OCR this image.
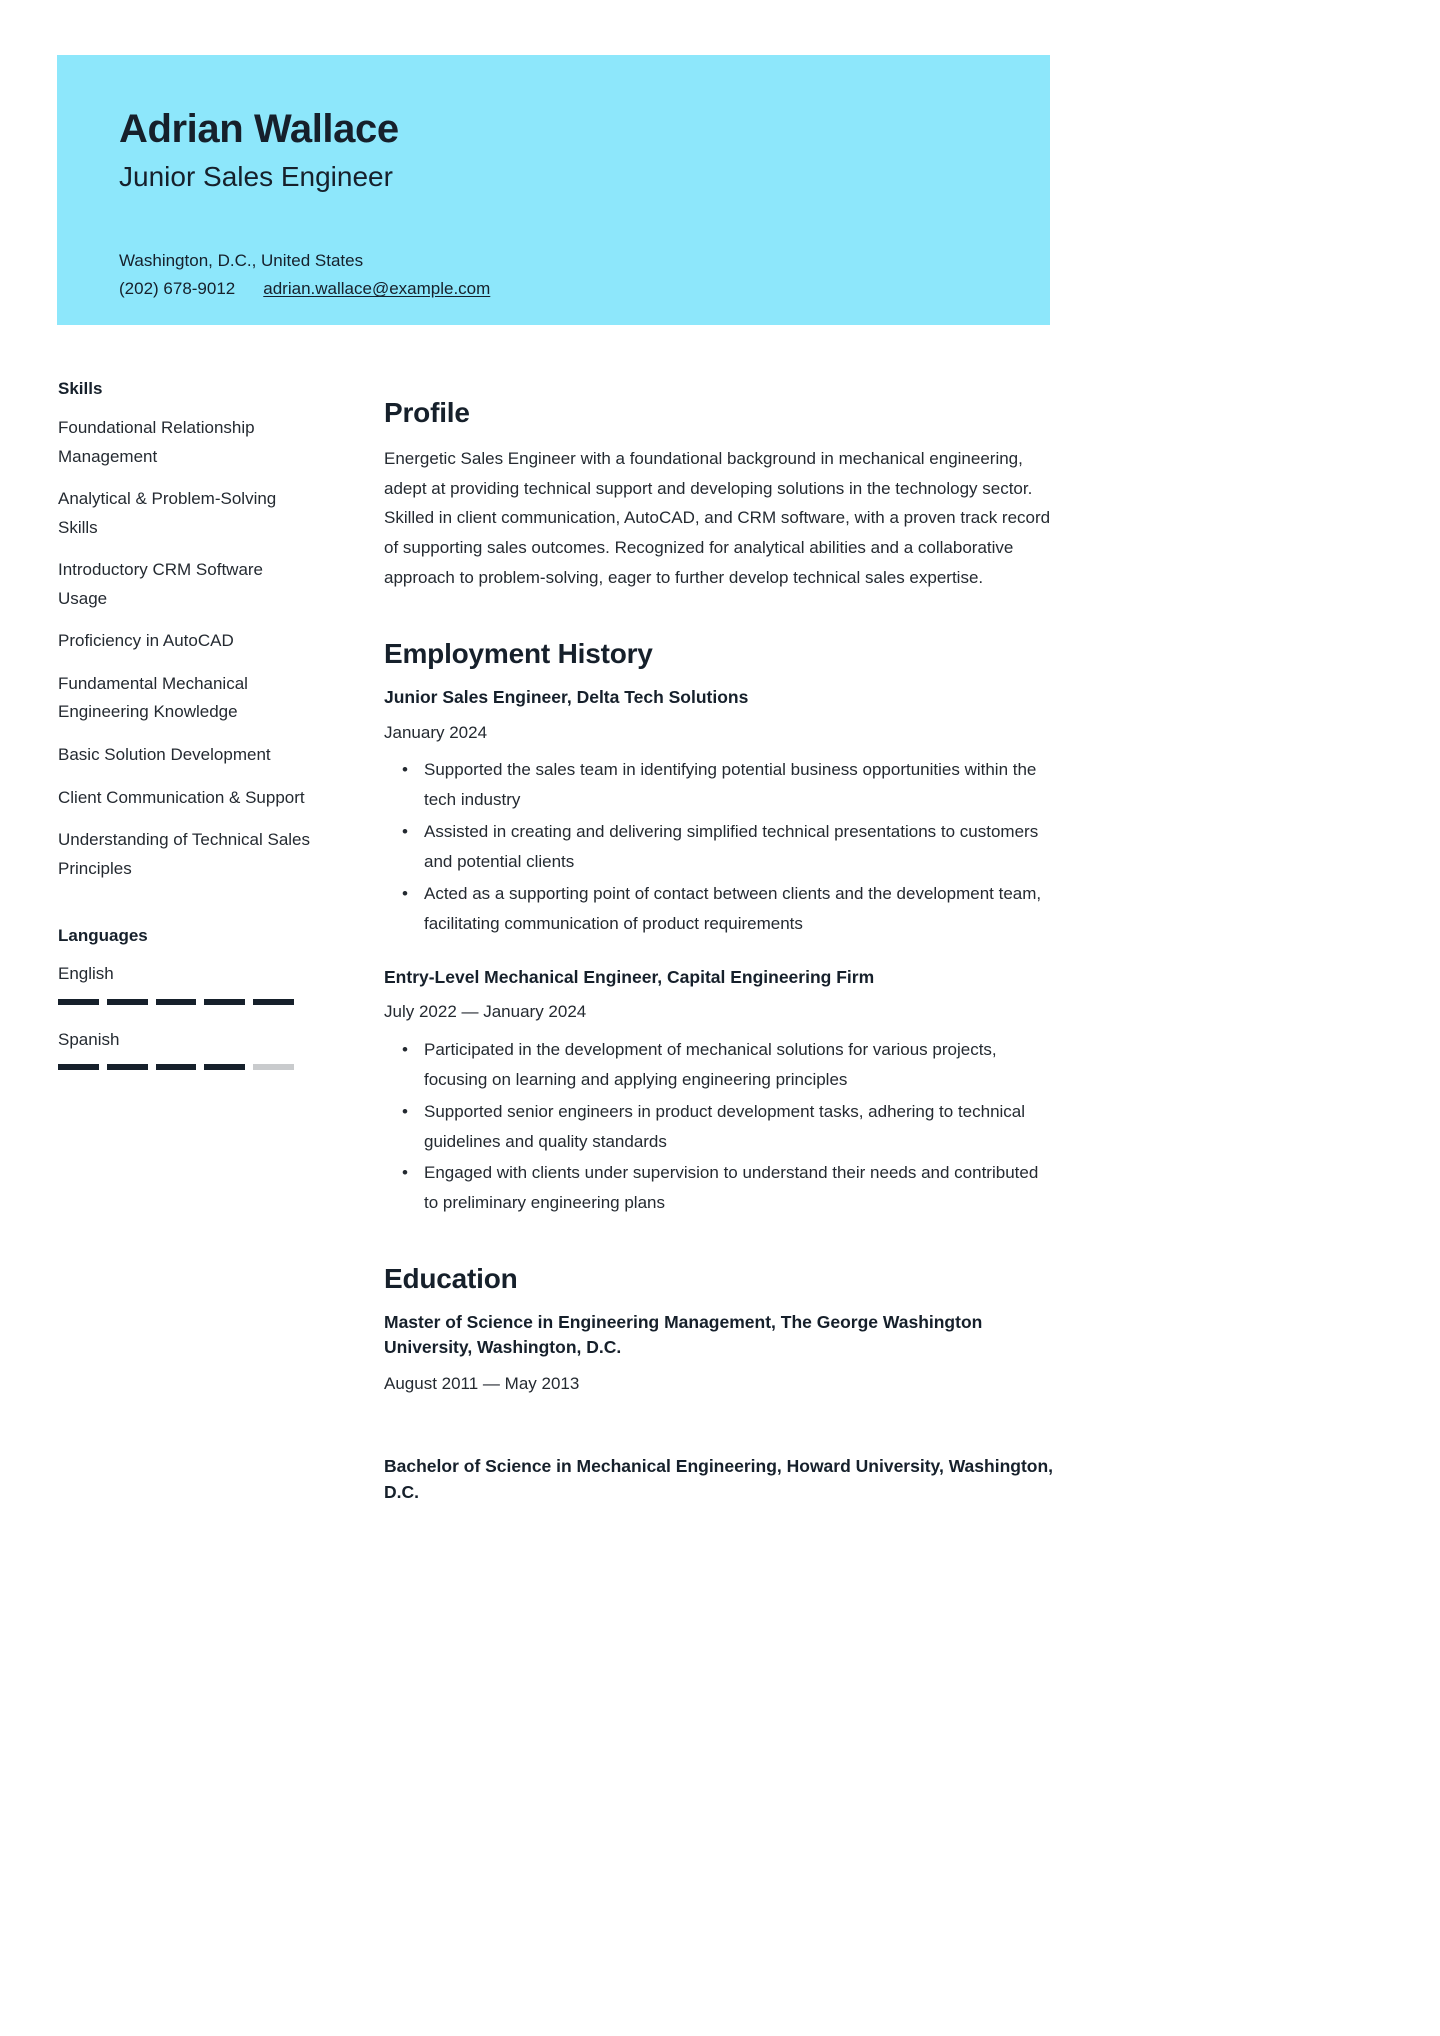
Adrian Wallace
Junior Sales Engineer
Washington, D.C., United States
(202) 678-9012 adrian.wallace@example.com
Skills
Foundational Relationship Management
Analytical & Problem-Solving Skills
Introductory CRM Software Usage
Proficiency in AutoCAD
Fundamental Mechanical Engineering Knowledge
Basic Solution Development
Client Communication & Support
Understanding of Technical Sales Principles
Languages
English
Spanish
Profile

Energetic Sales Engineer with a foundational background in mechanical engineering, adept at providing technical support and developing solutions in the technology sector. Skilled in client communication, AutoCAD, and CRM software, with a proven track record of supporting sales outcomes. Recognized for analytical abilities and a collaborative approach to problem-solving, eager to further develop technical sales expertise.

Employment History
Junior Sales Engineer, Delta Tech Solutions
January 2024
• Supported the sales team in identifying potential business opportunities within the tech industry
• Assisted in creating and delivering simplified technical presentations to customers and potential clients
• Acted as a supporting point of contact between clients and the development team, facilitating communication of product requirements
Entry-Level Mechanical Engineer, Capital Engineering Firm
July 2022 — January 2024
• Participated in the development of mechanical solutions for various projects, focusing on learning and applying engineering principles
• Supported senior engineers in product development tasks, adhering to technical guidelines and quality standards
• Engaged with clients under supervision to understand their needs and contributed to preliminary engineering plans
Education
Master of Science in Engineering Management, The George Washington University, Washington, D.C.
August 2011 — May 2013
Bachelor of Science in Mechanical Engineering, Howard University, Washington, D.C.
